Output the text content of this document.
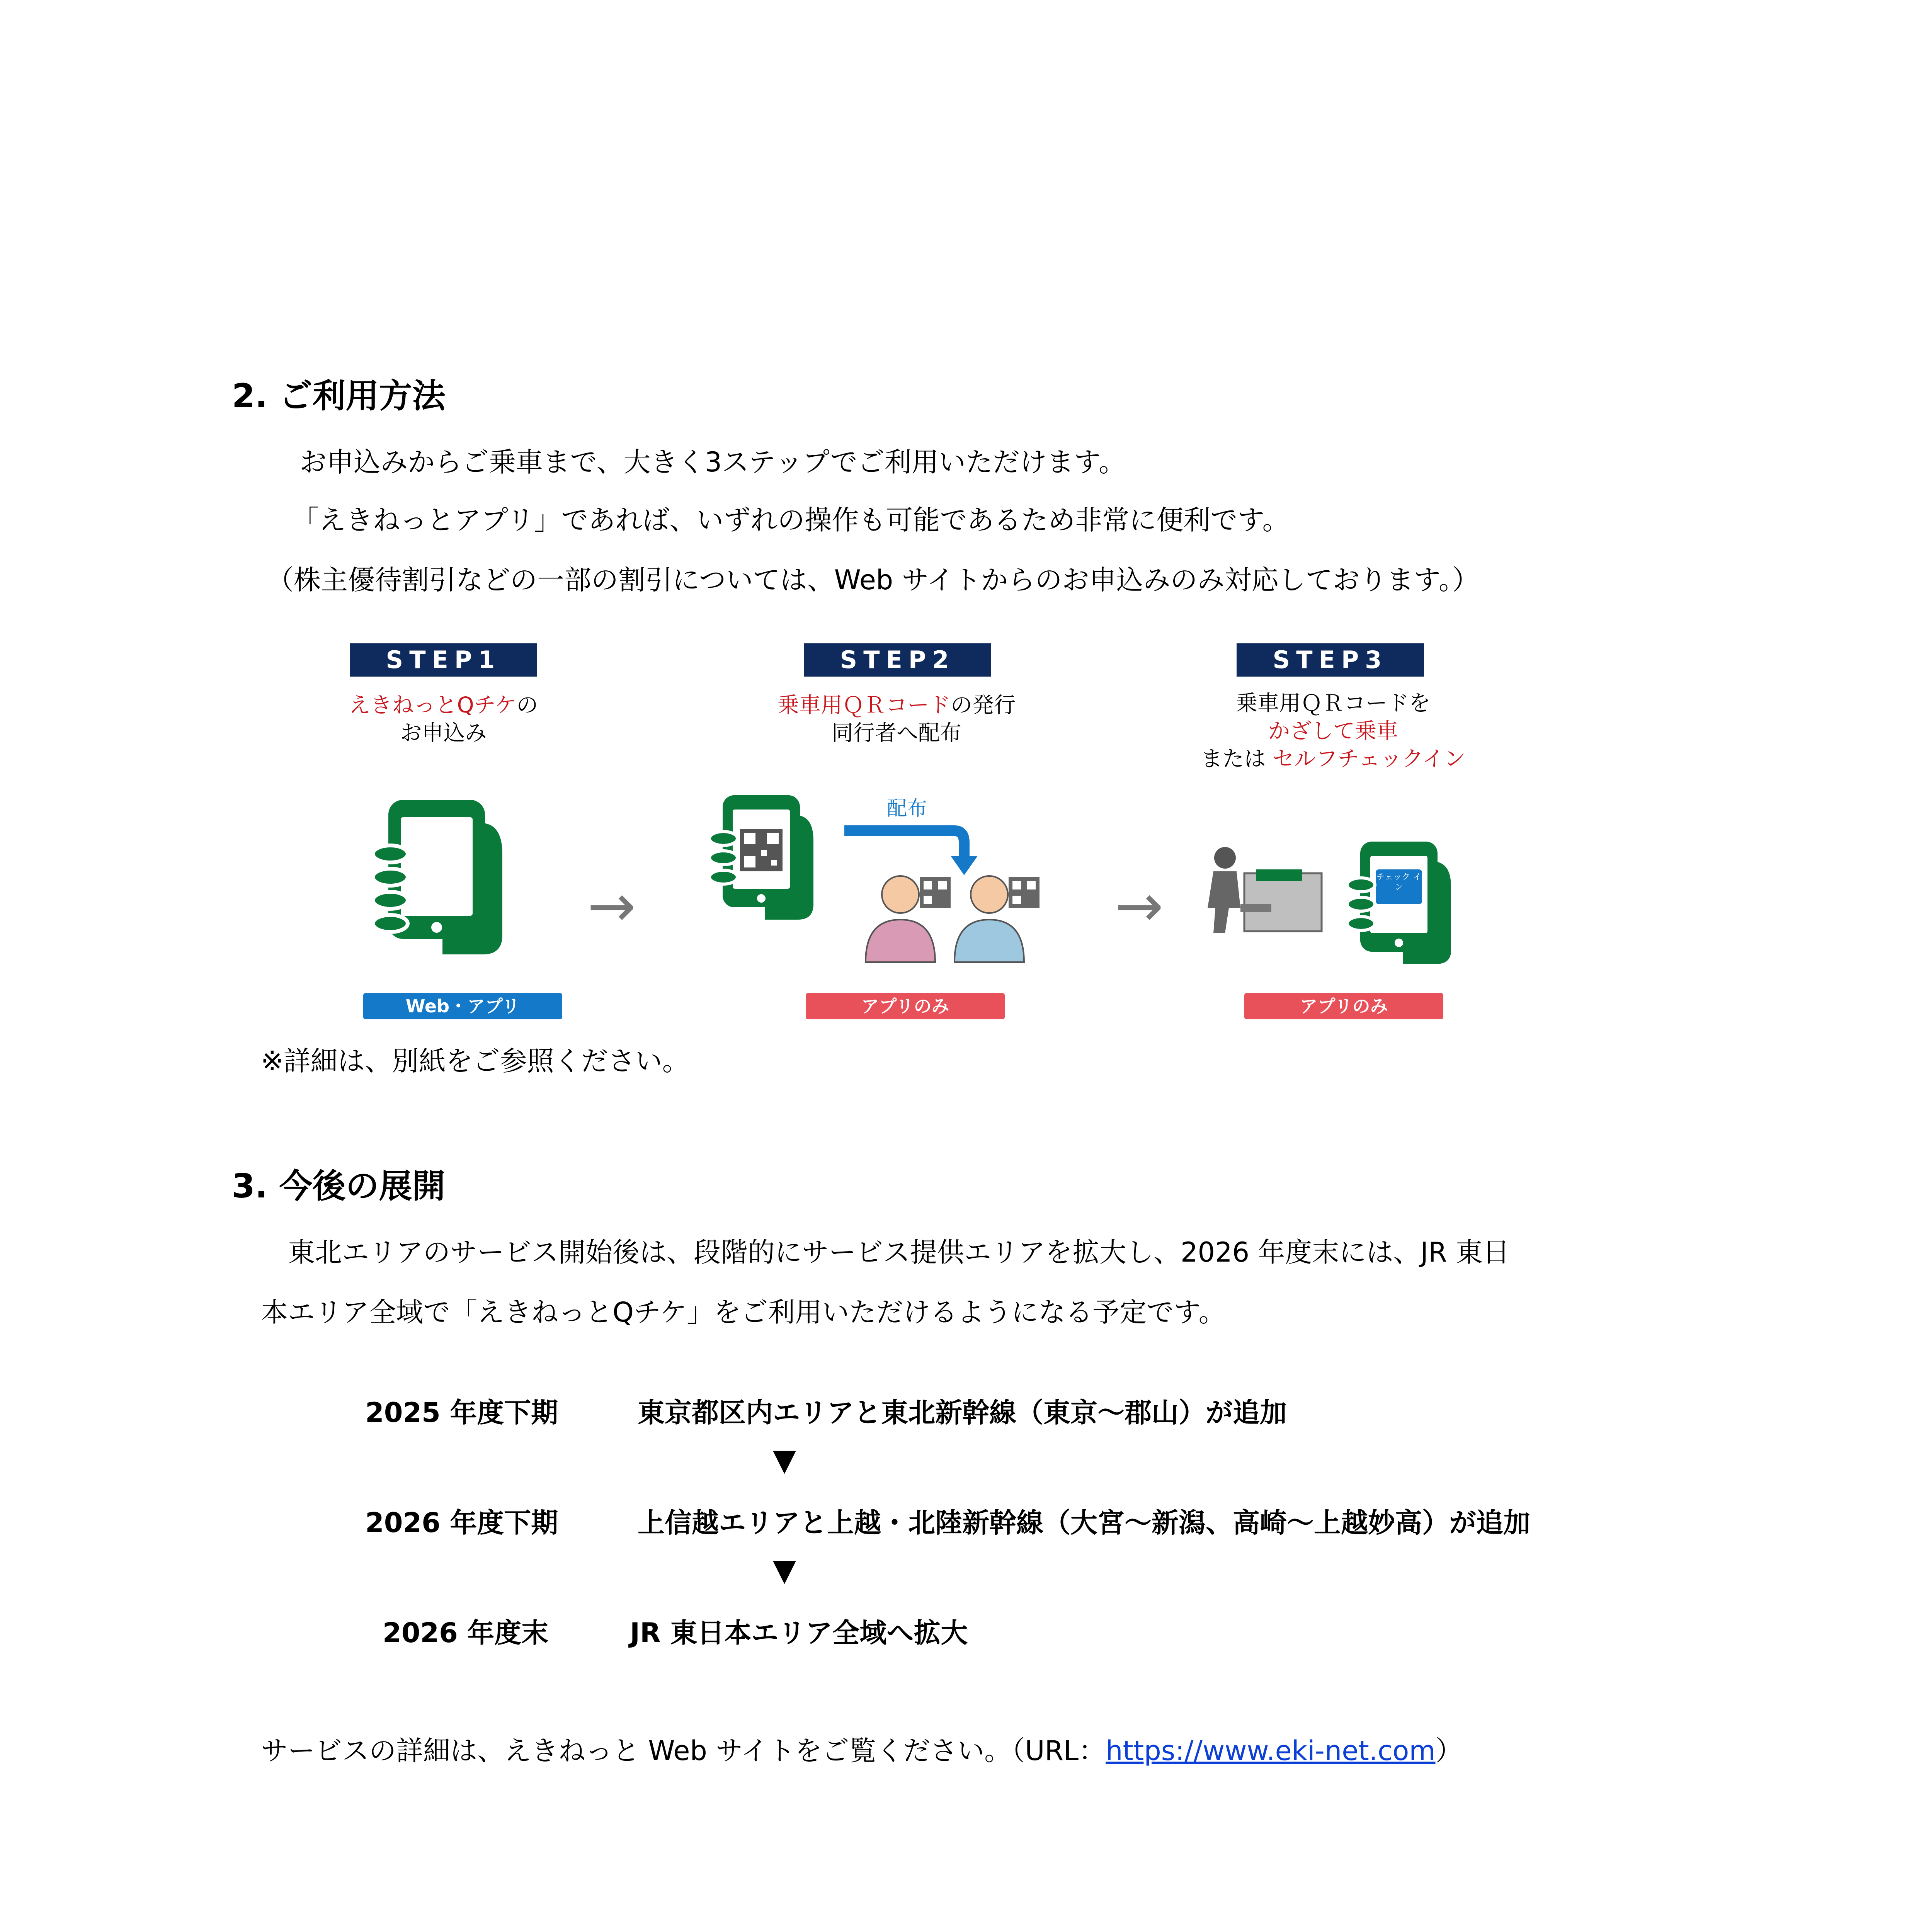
2. ご利用方法
お申込みからご乗車まで、大きく3ステップでご利用いただけます。
「えきねっとアプリ」であれば、いずれの操作も可能であるため非常に便利です。
（株主優待割引などの一部の割引については、Web サイトからのお申込みのみ対応しております。）
STEP1
えきねっとQチケの
お申込み
Web・アプリ
→
STEP2
乗車用ＱＲコードの発行
同行者へ配布
配布
アプリのみ
→
STEP3
乗車用ＱＲコードを
かざして乗車
または セルフチェックイン
チェック イン
アプリのみ
※詳細は、別紙をご参照ください。
3. 今後の展開
東北エリアのサービス開始後は、段階的にサービス提供エリアを拡大し、2026 年度末には、JR 東日
本エリア全域で「えきねっとQチケ」をご利用いただけるようになる予定です。
2025 年度下期	東京都区内エリアと東北新幹線（東京～郡山）が追加
▼
2026 年度下期	上信越エリアと上越・北陸新幹線（大宮～新潟、高崎～上越妙高）が追加
▼
2026 年度末	JR 東日本エリア全域へ拡大
サービスの詳細は、えきねっと Web サイトをご覧ください。（URL：https://www.eki-net.com）
